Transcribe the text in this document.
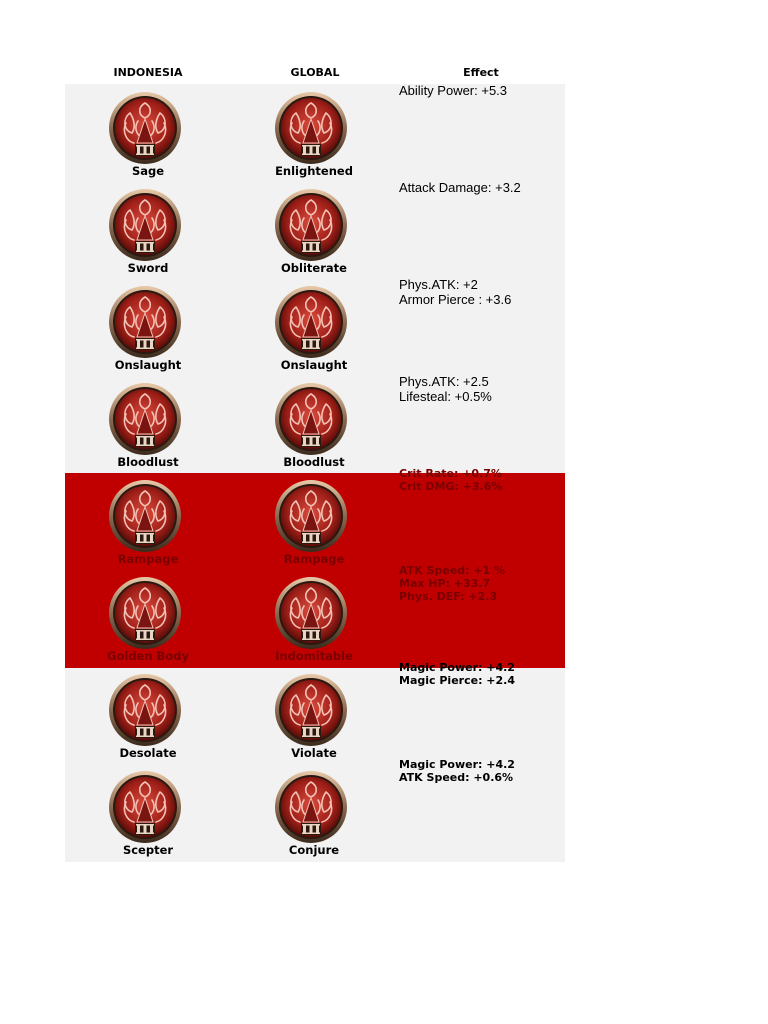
INDONESIA	GLOBAL	Effect
Sage	Enlightened
Ability Power: +5.3
Sword	Obliterate
Attack Damage: +3.2
Onslaught	Onslaught
Phys.ATK: +2
Armor Pierce : +3.6
Bloodlust	Bloodlust
Phys.ATK: +2.5
Lifesteal: +0.5%
Rampage	Rampage
Crit Rate: +0.7%
Crit DMG: +3.6%
Golden Body	Indomitable
ATK Speed: +1 %
Max HP: +33.7
Phys. DEF: +2.3
Desolate	Violate
Magic Power: +4.2
Magic Pierce: +2.4
Scepter	Conjure
Magic Power: +4.2
ATK Speed: +0.6%
